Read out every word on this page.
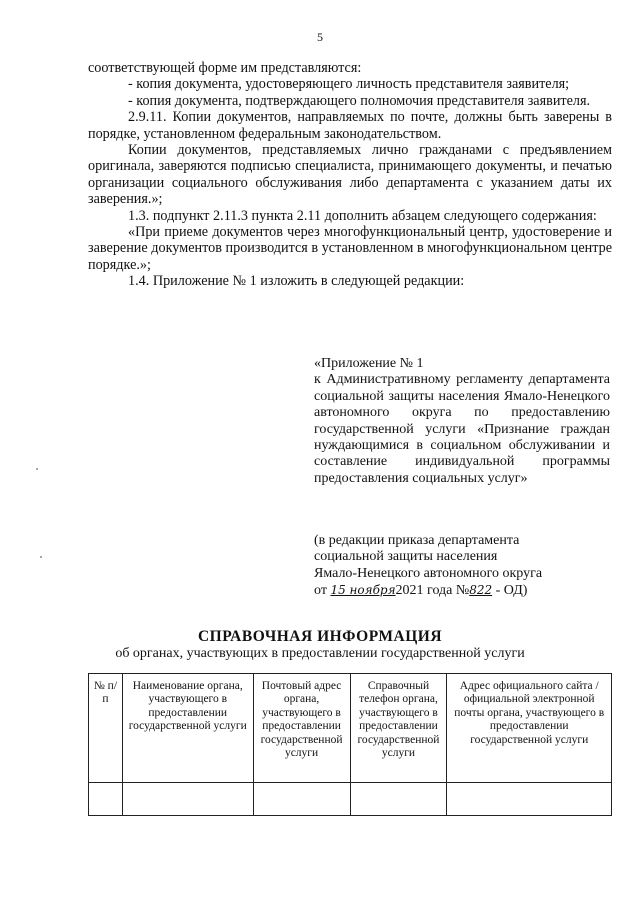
5

соответствующей форме им представляются:

- копия документа, удостоверяющего личность представителя заявителя;

- копия документа, подтверждающего полномочия представителя заявителя.

2.9.11. Копии документов, направляемых по почте, должны быть заверены в порядке, установленном федеральным законодательством.

Копии документов, представляемых лично гражданами с предъявлением оригинала, заверяются подписью специалиста, принимающего документы, и печатью организации социального обслуживания либо департамента с указанием даты их заверения.»;

1.3. подпункт 2.11.3 пункта 2.11 дополнить абзацем следующего содержания:

«При приеме документов через многофункциональный центр, удостоверение и заверение документов производится в установленном в многофункциональном центре порядке.»;

1.4. Приложение № 1 изложить в следующей редакции:

«Приложение № 1

к Административному регламенту департамента социальной защиты населения Ямало-Ненецкого автономного округа по предоставлению государственной услуги «Признание граждан нуждающимися в социальном обслуживании и составление индивидуальной программы предоставления социальных услуг»

(в редакции приказа департамента

социальной защиты населения

Ямало-Ненецкого автономного округа

от 15 ноября2021 года №822 - ОД)

СПРАВОЧНАЯ ИНФОРМАЦИЯ
об органах, участвующих в предоставлении государственной услуги
№ п/п	Наименование органа, участвующего в предоставлении государственной услуги	Почтовый адрес органа, участвующего в предоставлении государственной услуги	Справочный телефон органа, участвующего в предоставлении государственной услуги	Адрес официального сайта /официальной электронной почты органа, участвующего в предоставлении государственной услуги
